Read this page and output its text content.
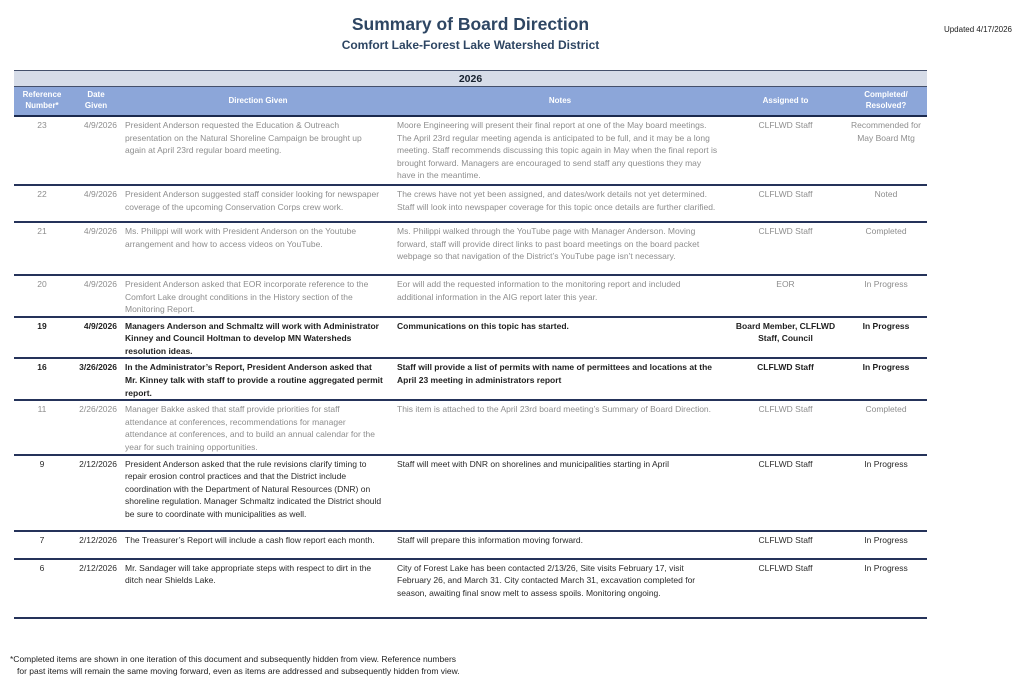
Updated 4/17/2026
Summary of Board Direction
Comfort Lake-Forest Lake Watershed District
2026					
Reference Number*	Date Given	Direction Given	Notes	Assigned to	Completed/ Resolved?
23	4/9/2026	President Anderson requested the Education & Outreach presentation on the Natural Shoreline Campaign be brought up again at April 23rd regular board meeting.	Moore Engineering will present their final report at one of the May board meetings. The April 23rd regular meeting agenda is anticipated to be full, and it may be a long meeting. Staff recommends discussing this topic again in May when the final report is brought forward. Managers are encouraged to send staff any questions they may have in the meantime.	CLFLWD Staff	Recommended for May Board Mtg
22	4/9/2026	President Anderson suggested staff consider looking for newspaper coverage of the upcoming Conservation Corps crew work.	The crews have not yet been assigned, and dates/work details not yet determined. Staff will look into newspaper coverage for this topic once details are further clarified.	CLFLWD Staff	Noted
21	4/9/2026	Ms. Philippi will work with President Anderson on the Youtube arrangement and how to access videos on YouTube.	Ms. Philippi walked through the YouTube page with Manager Anderson. Moving forward, staff will provide direct links to past board meetings on the board packet webpage so that navigation of the District’s YouTube page isn’t necessary.	CLFLWD Staff	Completed
20	4/9/2026	President Anderson asked that EOR incorporate reference to the Comfort Lake drought conditions in the History section of the Monitoring Report.	Eor will add the requested information to the monitoring report and included additional information in the AIG report later this year.	EOR	In Progress
19	4/9/2026	Managers Anderson and Schmaltz will work with Administrator Kinney and Council Holtman to develop MN Watersheds resolution ideas.	Communications on this topic has started.	Board Member, CLFLWD Staff, Council	In Progress
16	3/26/2026	In the Administrator’s Report, President Anderson asked that Mr. Kinney talk with staff to provide a routine aggregated permit report.	Staff will provide a list of permits with name of permittees and locations at the April 23 meeting in administrators report	CLFLWD Staff	In Progress
11	2/26/2026	Manager Bakke asked that staff provide priorities for staff attendance at conferences, recommendations for manager attendance at conferences, and to build an annual calendar for the year for such training opportunities.	This item is attached to the April 23rd board meeting’s Summary of Board Direction.	CLFLWD Staff	Completed
9	2/12/2026	President Anderson asked that the rule revisions clarify timing to repair erosion control practices and that the District include coordination with the Department of Natural Resources (DNR) on shoreline regulation. Manager Schmaltz indicated the District should be sure to coordinate with municipalities as well.	Staff will meet with DNR on shorelines and municipalities starting in April	CLFLWD Staff	In Progress
7	2/12/2026	The Treasurer’s Report will include a cash flow report each month.	Staff will prepare this information moving forward.	CLFLWD Staff	In Progress
6	2/12/2026	Mr. Sandager will take appropriate steps with respect to dirt in the ditch near Shields Lake.	City of Forest Lake has been contacted 2/13/26, Site visits February 17, visit February 26, and March 31. City contacted March 31, excavation completed for season, awaiting final snow melt to assess spoils. Monitoring ongoing.	CLFLWD Staff	In Progress
*Completed items are shown in one iteration of this document and subsequently hidden from view. Reference numbers
for past items will remain the same moving forward, even as items are addressed and subsequently hidden from view.
